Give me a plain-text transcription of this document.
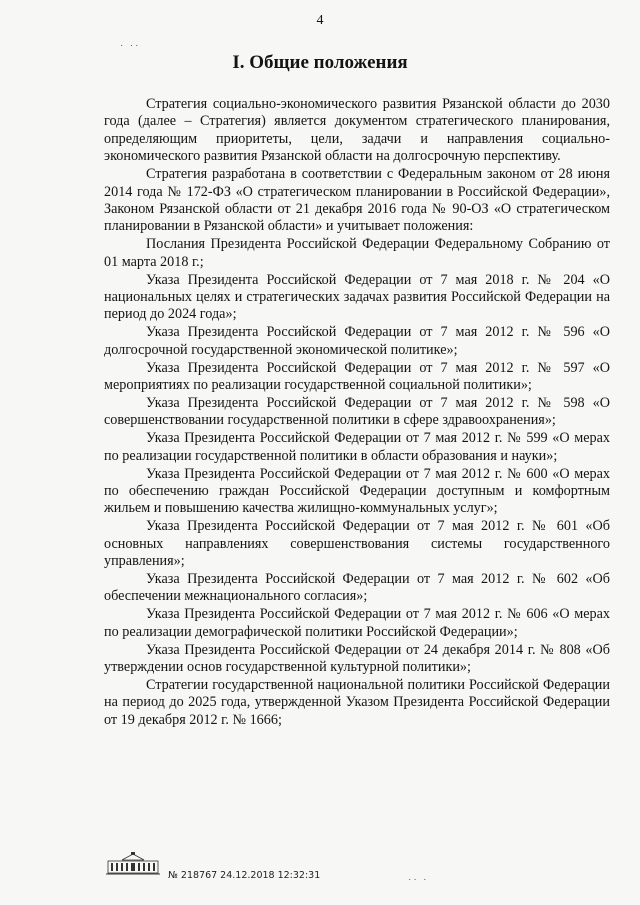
4
˙ ˙˙
I. Общие положения

Стратегия социально-экономического развития Рязанской области до 2030 года (далее – Стратегия) является документом стратегического планирования, определяющим приоритеты, цели, задачи и направления социально-экономического развития Рязанской области на долгосрочную перспективу.

Стратегия разработана в соответствии с Федеральным законом от 28 июня 2014 года № 172-ФЗ «О стратегическом планировании в Российской Федерации», Законом Рязанской области от 21 декабря 2016 года № 90-ОЗ «О стратегическом планировании в Рязанской области» и учитывает положения:

Послания Президента Российской Федерации Федеральному Собранию от 01 марта 2018 г.;

Указа Президента Российской Федерации от 7 мая 2018 г. № 204 «О национальных целях и стратегических задачах развития Российской Федерации на период до 2024 года»;

Указа Президента Российской Федерации от 7 мая 2012 г. № 596 «О долгосрочной государственной экономической политике»;

Указа Президента Российской Федерации от 7 мая 2012 г. № 597 «О мероприятиях по реализации государственной социальной политики»;

Указа Президента Российской Федерации от 7 мая 2012 г. № 598 «О совершенствовании государственной политики в сфере здравоохранения»;

Указа Президента Российской Федерации от 7 мая 2012 г. № 599 «О мерах по реализации государственной политики в области образования и науки»;

Указа Президента Российской Федерации от 7 мая 2012 г. № 600 «О мерах по обеспечению граждан Российской Федерации доступным и комфортным жильем и повышению качества жилищно-коммунальных услуг»;

Указа Президента Российской Федерации от 7 мая 2012 г. № 601 «Об основных направлениях совершенствования системы государственного управления»;

Указа Президента Российской Федерации от 7 мая 2012 г. № 602 «Об обеспечении межнационального согласия»;

Указа Президента Российской Федерации от 7 мая 2012 г. № 606 «О мерах по реализации демографической политики Российской Федерации»;

Указа Президента Российской Федерации от 24 декабря 2014 г. № 808 «Об утверждении основ государственной культурной политики»;

Стратегии государственной национальной политики Российской Федерации на период до 2025 года, утвержденной Указом Президента Российской Федерации от 19 декабря 2012 г. № 1666;

№ 218767 24.12.2018 12:32:31
˙˙ ˙
